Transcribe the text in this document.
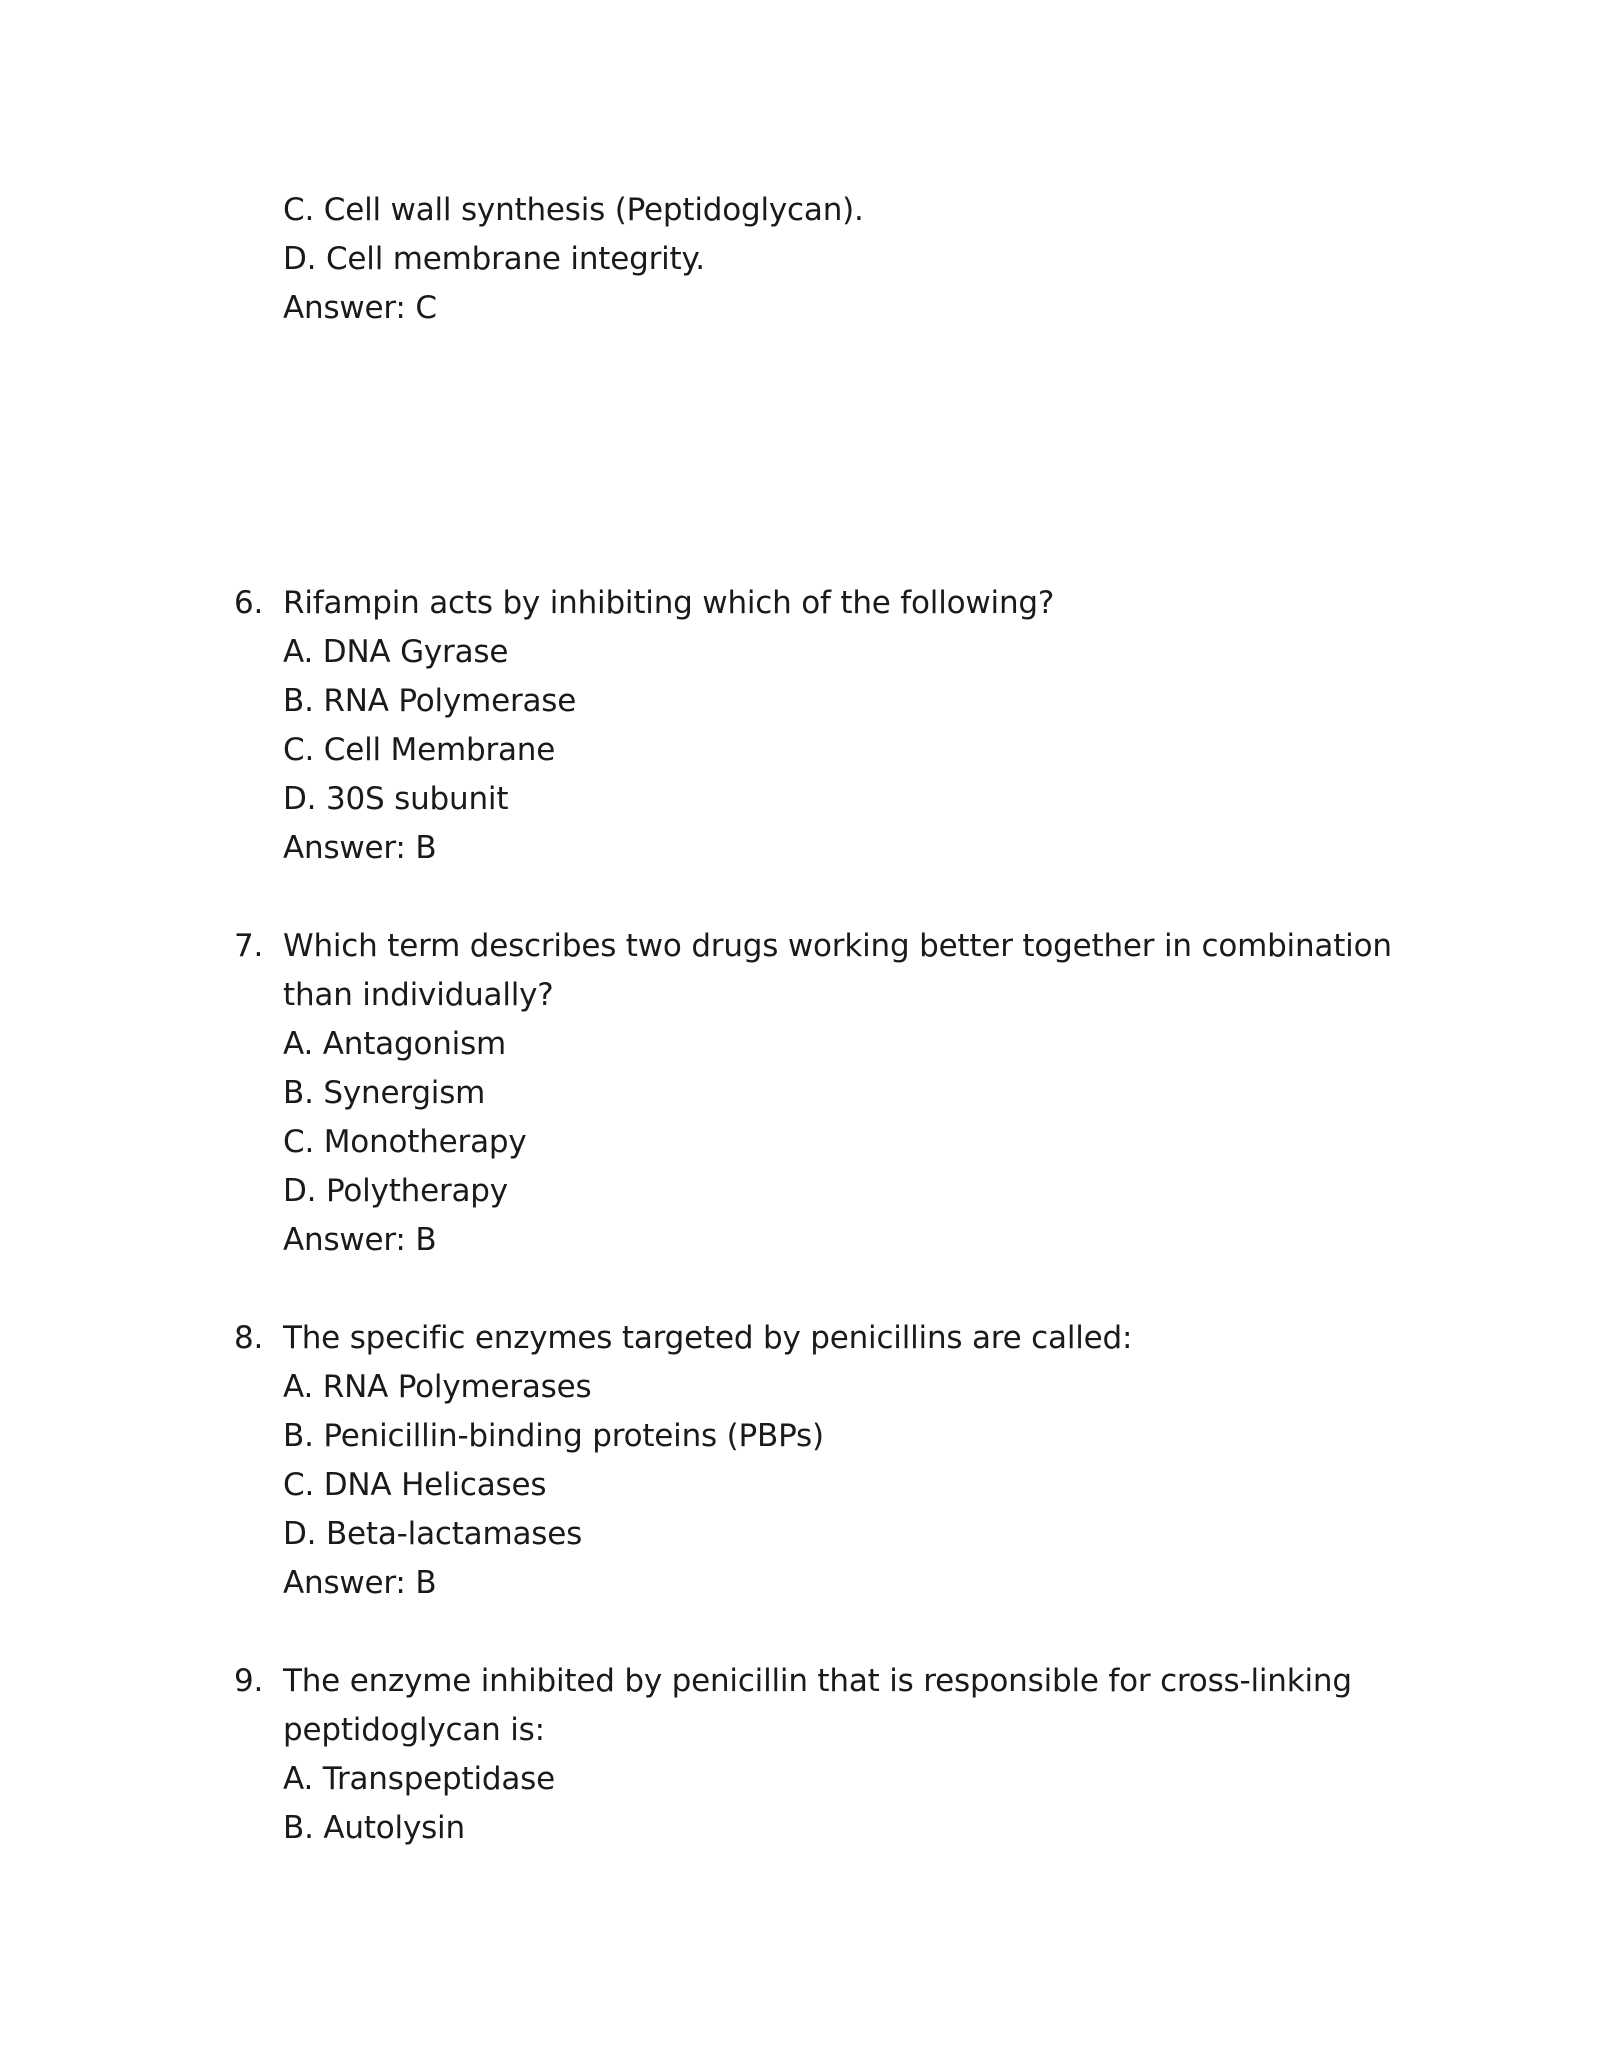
C. Cell wall synthesis (Peptidoglycan).
D. Cell membrane integrity.
Answer: C
6. Rifampin acts by inhibiting which of the following?
A. DNA Gyrase
B. RNA Polymerase
C. Cell Membrane
D. 30S subunit
Answer: B
7. Which term describes two drugs working better together in combination
than individually?
A. Antagonism
B. Synergism
C. Monotherapy
D. Polytherapy
Answer: B
8. The specific enzymes targeted by penicillins are called:
A. RNA Polymerases
B. Penicillin-binding proteins (PBPs)
C. DNA Helicases
D. Beta-lactamases
Answer: B
9. The enzyme inhibited by penicillin that is responsible for cross-linking
peptidoglycan is:
A. Transpeptidase
B. Autolysin
